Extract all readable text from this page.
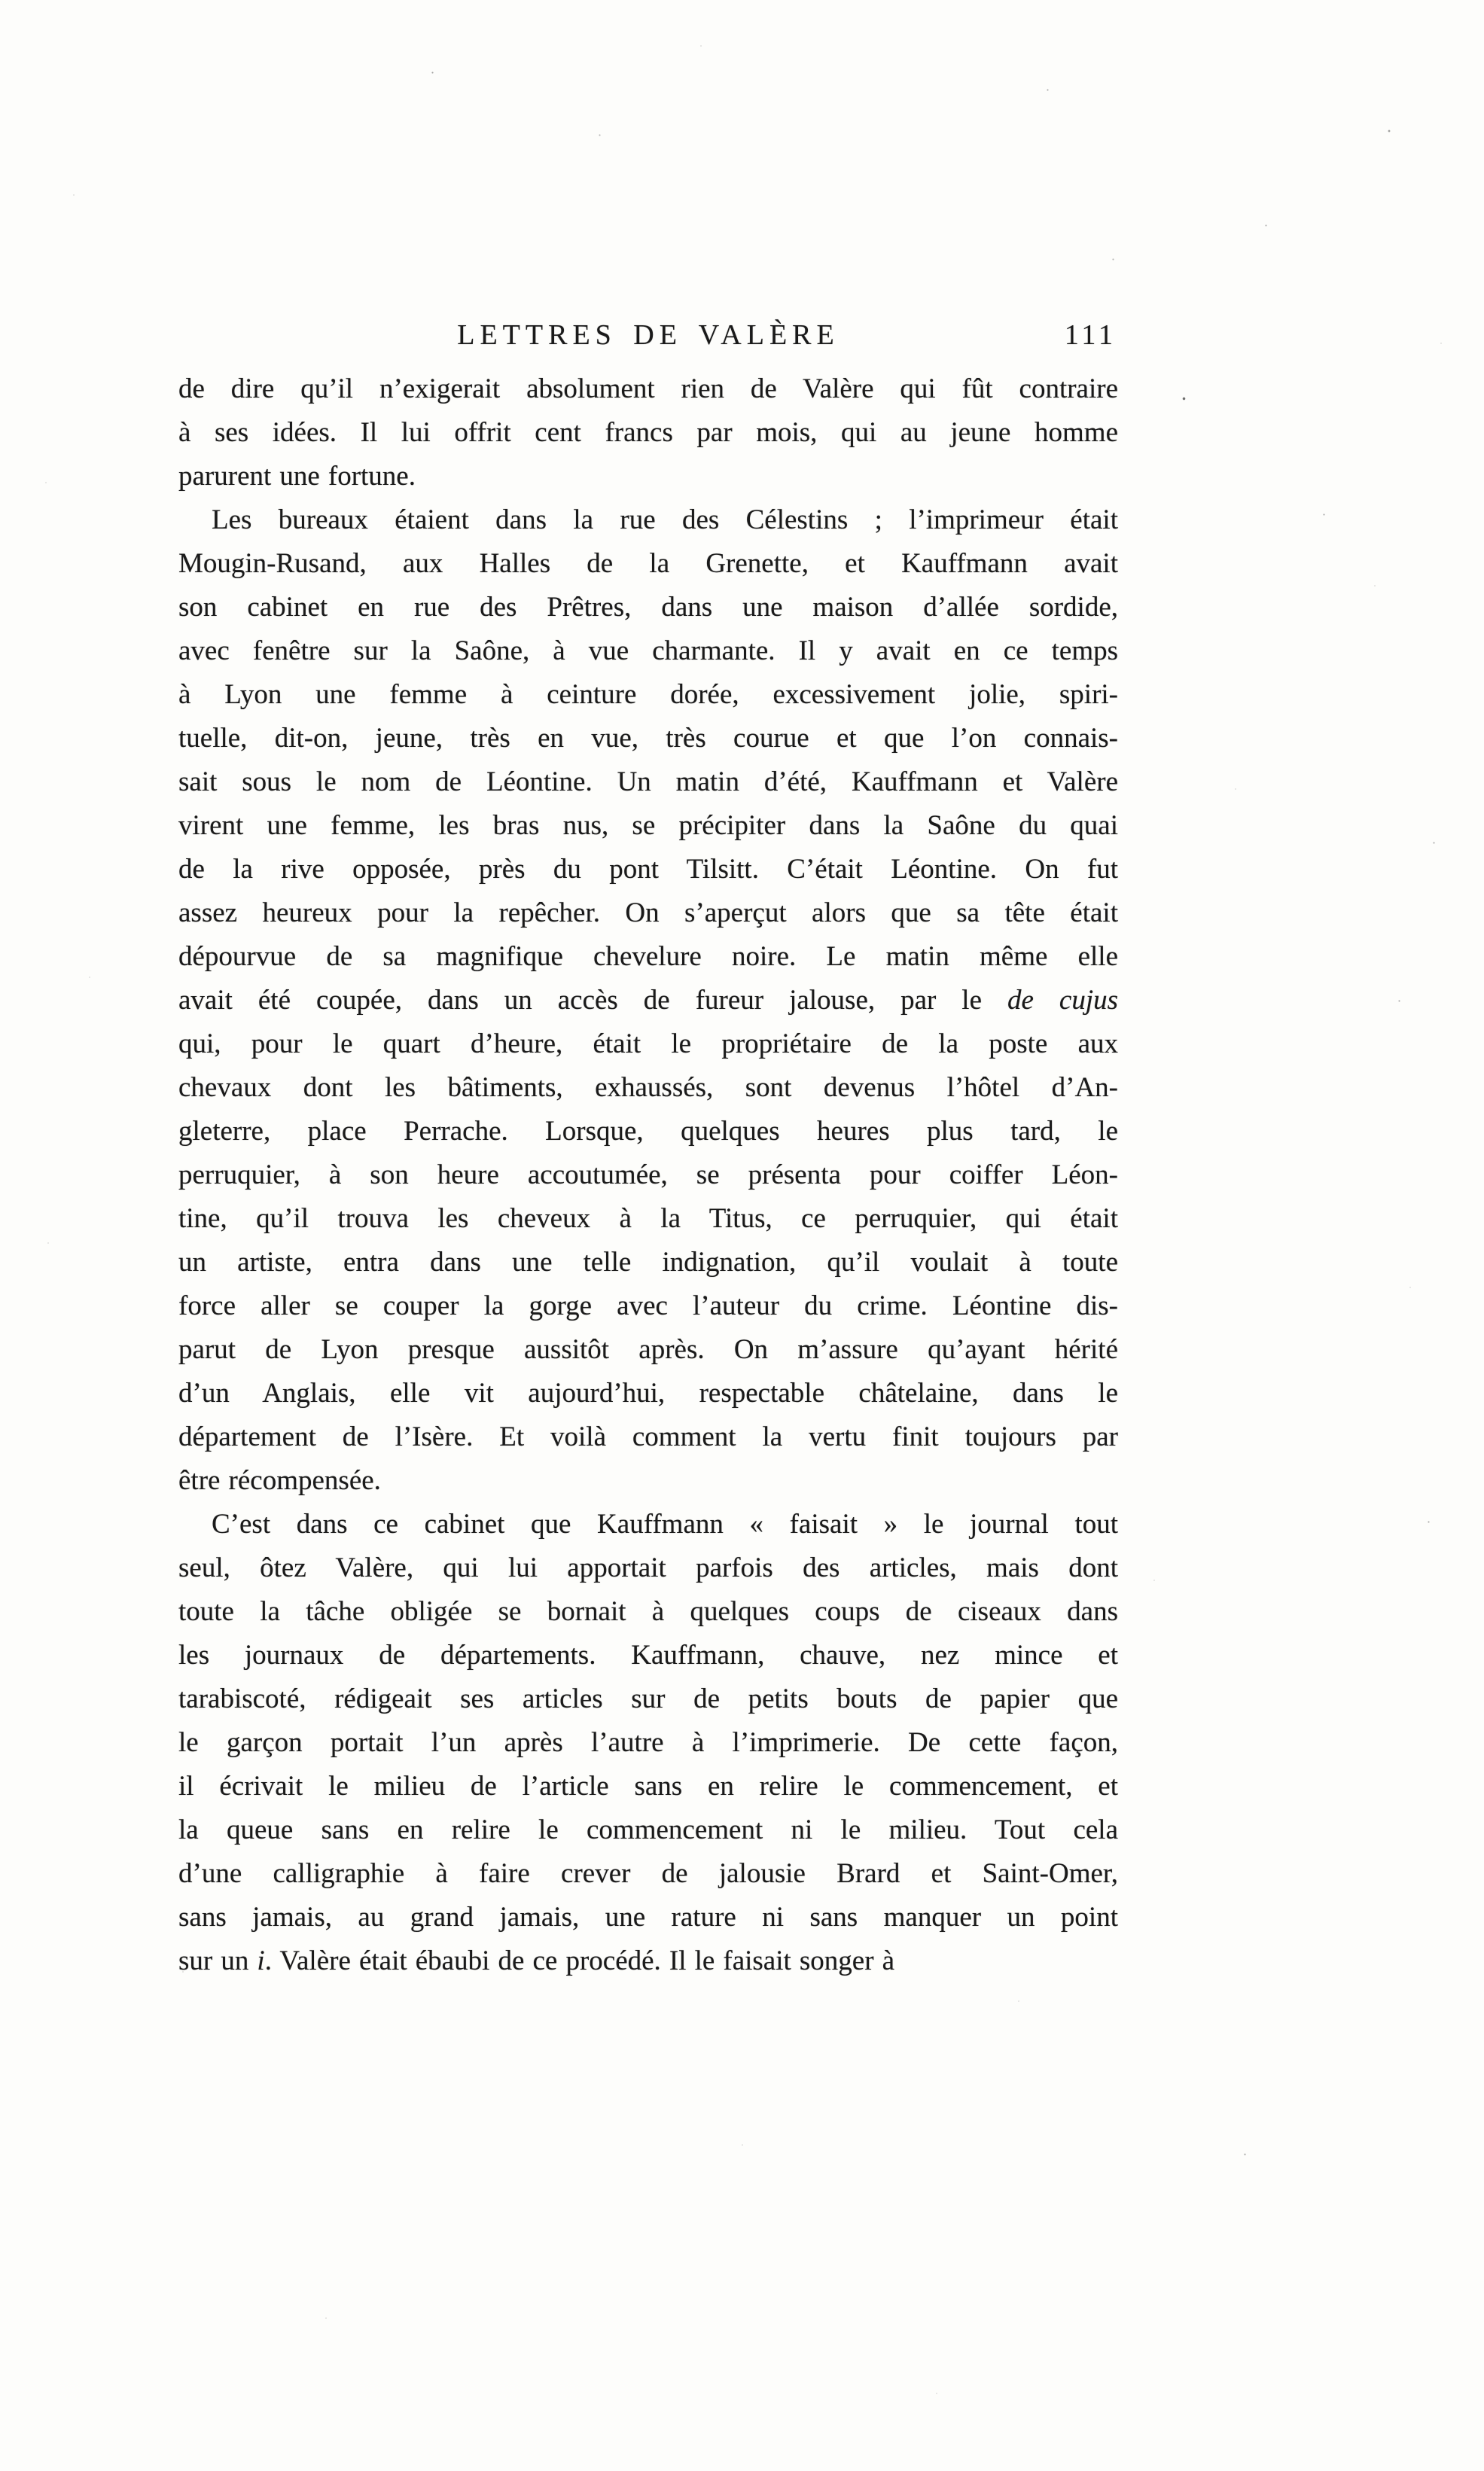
LETTRES DE VALÈRE	111
de dire qu’il n’exigerait absolument rien de Valère qui fût contraire
à ses idées. Il lui offrit cent francs par mois, qui au jeune homme
parurent une fortune.
Les bureaux étaient dans la rue des Célestins ; l’imprimeur était
Mougin-Rusand, aux Halles de la Grenette, et Kauffmann avait
son cabinet en rue des Prêtres, dans une maison d’allée sordide,
avec fenêtre sur la Saône, à vue charmante. Il y avait en ce temps
à Lyon une femme à ceinture dorée, excessivement jolie, spiri-
tuelle, dit-on, jeune, très en vue, très courue et que l’on connais-
sait sous le nom de Léontine. Un matin d’été, Kauffmann et Valère
virent une femme, les bras nus, se précipiter dans la Saône du quai
de la rive opposée, près du pont Tilsitt. C’était Léontine. On fut
assez heureux pour la repêcher. On s’aperçut alors que sa tête était
dépourvue de sa magnifique chevelure noire. Le matin même elle
avait été coupée, dans un accès de fureur jalouse, par le de cujus
qui, pour le quart d’heure, était le propriétaire de la poste aux
chevaux dont les bâtiments, exhaussés, sont devenus l’hôtel d’An-
gleterre, place Perrache. Lorsque, quelques heures plus tard, le
perruquier, à son heure accoutumée, se présenta pour coiffer Léon-
tine, qu’il trouva les cheveux à la Titus, ce perruquier, qui était
un artiste, entra dans une telle indignation, qu’il voulait à toute
force aller se couper la gorge avec l’auteur du crime. Léontine dis-
parut de Lyon presque aussitôt après. On m’assure qu’ayant hérité
d’un Anglais, elle vit aujourd’hui, respectable châtelaine, dans le
département de l’Isère. Et voilà comment la vertu finit toujours par
être récompensée.
C’est dans ce cabinet que Kauffmann « faisait » le journal tout
seul, ôtez Valère, qui lui apportait parfois des articles, mais dont
toute la tâche obligée se bornait à quelques coups de ciseaux dans
les journaux de départements. Kauffmann, chauve, nez mince et
tarabiscoté, rédigeait ses articles sur de petits bouts de papier que
le garçon portait l’un après l’autre à l’imprimerie. De cette façon,
il écrivait le milieu de l’article sans en relire le commencement, et
la queue sans en relire le commencement ni le milieu. Tout cela
d’une calligraphie à faire crever de jalousie Brard et Saint-Omer,
sans jamais, au grand jamais, une rature ni sans manquer un point
sur un i. Valère était ébaubi de ce procédé. Il le faisait songer à
